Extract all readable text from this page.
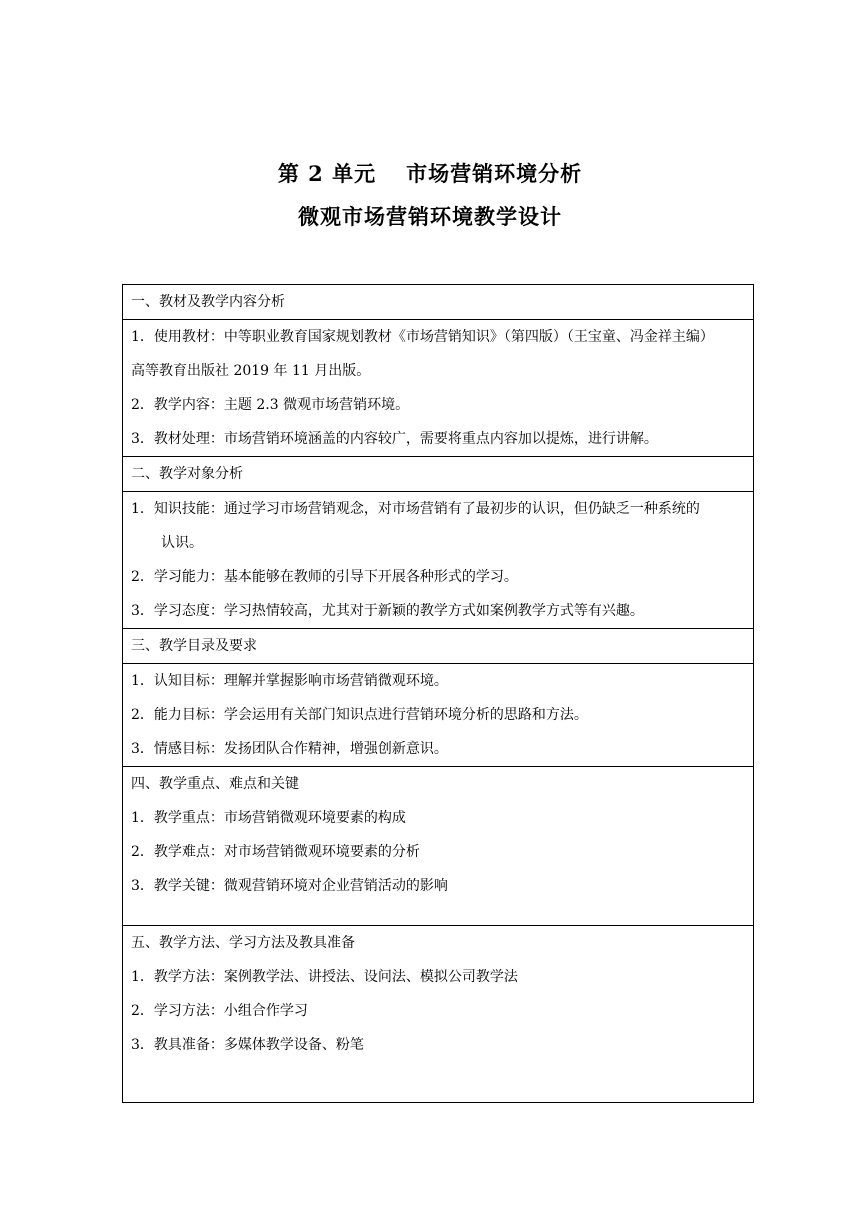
第 2 单元 市场营销环境分析
微观市场营销环境教学设计
一、教材及教学内容分析

1．使用教材：中等职业教育国家规划教材《市场营销知识》（第四版）（王宝童、冯金祥主编）
高等教育出版社 2019 年 11 月出版。
2．教学内容：主题 2.3 微观市场营销环境。
3．教材处理：市场营销环境涵盖的内容较广，需要将重点内容加以提炼，进行讲解。

二、教学对象分析

1．知识技能：通过学习市场营销观念，对市场营销有了最初步的认识，但仍缺乏一种系统的
认识。
2．学习能力：基本能够在教师的引导下开展各种形式的学习。
3．学习态度：学习热情较高，尤其对于新颖的教学方式如案例教学方式等有兴趣。

三、教学目录及要求

1．认知目标：理解并掌握影响市场营销微观环境。
2．能力目标：学会运用有关部门知识点进行营销环境分析的思路和方法。
3．情感目标：发扬团队合作精神，增强创新意识。

四、教学重点、难点和关键
1．教学重点：市场营销微观环境要素的构成
2．教学难点：对市场营销微观环境要素的分析
3．教学关键：微观营销环境对企业营销活动的影响

五、教学方法、学习方法及教具准备
1．教学方法：案例教学法、讲授法、设问法、模拟公司教学法
2．学习方法：小组合作学习
3．教具准备：多媒体教学设备、粉笔
